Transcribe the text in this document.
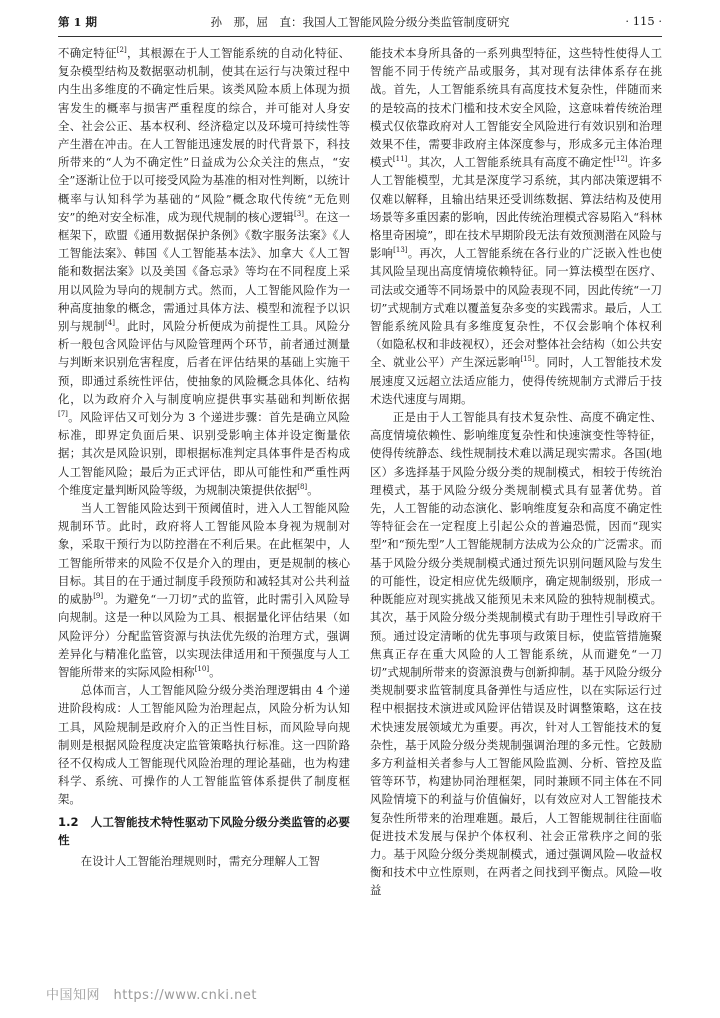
第 1 期	孙　那，屈　直：我国人工智能风险分级分类监管制度研究	· 115 ·

不确定特征[2]，其根源在于人工智能系统的自动化特征、复杂模型结构及数据驱动机制，使其在运行与决策过程中内生出多维度的不确定性后果。该类风险本质上体现为损害发生的概率与损害严重程度的综合，并可能对人身安全、社会公正、基本权利、经济稳定以及环境可持续性等产生潜在冲击。在人工智能迅速发展的时代背景下，科技所带来的“人为不确定性”日益成为公众关注的焦点，“安全”逐渐让位于以可接受风险为基准的相对性判断，以统计概率与认知科学为基础的“风险”概念取代传统“无危则安”的绝对安全标准，成为现代规制的核心逻辑[3]。在这一框架下，欧盟《通用数据保护条例》《数字服务法案》《人工智能法案》、韩国《人工智能基本法》、加拿大《人工智能和数据法案》以及美国《备忘录》等均在不同程度上采用以风险为导向的规制方式。然而，人工智能风险作为一种高度抽象的概念，需通过具体方法、模型和流程予以识别与规制[4]。此时，风险分析便成为前提性工具。风险分析一般包含风险评估与风险管理两个环节，前者通过测量与判断来识别危害程度，后者在评估结果的基础上实施干预，即通过系统性评估，使抽象的风险概念具体化、结构化，以为政府介入与制度响应提供事实基础和判断依据[7]。风险评估又可划分为 3 个递进步骤：首先是确立风险标准，即界定负面后果、识别受影响主体并设定衡量依据；其次是风险识别，即根据标准判定具体事件是否构成人工智能风险；最后为正式评估，即从可能性和严重性两个维度定量判断风险等级，为规制决策提供依据[8]。

当人工智能风险达到干预阈值时，进入人工智能风险规制环节。此时，政府将人工智能风险本身视为规制对象，采取干预行为以防控潜在不利后果。在此框架中，人工智能所带来的风险不仅是介入的理由，更是规制的核心目标。其目的在于通过制度手段预防和减轻其对公共利益的威胁[9]。为避免“一刀切”式的监管，此时需引入风险导向规制。这是一种以风险为工具、根据量化评估结果（如风险评分）分配监管资源与执法优先级的治理方式，强调差异化与精准化监管，以实现法律适用和干预强度与人工智能所带来的实际风险相称[10]。

总体而言，人工智能风险分级分类治理逻辑由 4 个递进阶段构成：人工智能风险为治理起点，风险分析为认知工具，风险规制是政府介入的正当性目标，而风险导向规制则是根据风险程度决定监管策略执行标准。这一四阶路径不仅构成人工智能现代风险治理的理论基础，也为构建科学、系统、可操作的人工智能监管体系提供了制度框架。

1.2　 人工智能技术特性驱动下风险分级分类监管的必要性

在设计人工智能治理规则时，需充分理解人工智

能技术本身所具备的一系列典型特征，这些特性使得人工智能不同于传统产品或服务，其对现有法律体系存在挑战。首先，人工智能系统具有高度技术复杂性，伴随而来的是较高的技术门槛和技术安全风险，这意味着传统治理模式仅依靠政府对人工智能安全风险进行有效识别和治理效果不佳，需要非政府主体深度参与，形成多元主体治理模式[11]。其次，人工智能系统具有高度不确定性[12]。许多人工智能模型，尤其是深度学习系统，其内部决策逻辑不仅难以解释，且输出结果还受训练数据、算法结构及使用场景等多重因素的影响，因此传统治理模式容易陷入“科林格里奇困境”，即在技术早期阶段无法有效预测潜在风险与影响[13]。再次，人工智能系统在各行业的广泛嵌入性也使其风险呈现出高度情境依赖特征。同一算法模型在医疗、司法或交通等不同场景中的风险表现不同，因此传统“一刀切”式规制方式难以覆盖复杂多变的实践需求。最后，人工智能系统风险具有多维度复杂性，不仅会影响个体权利（如隐私权和非歧视权），还会对整体社会结构（如公共安全、就业公平）产生深远影响[15]。同时，人工智能技术发展速度又远超立法适应能力，使得传统规制方式滞后于技术迭代速度与周期。

正是由于人工智能具有技术复杂性、高度不确定性、高度情境依赖性、影响维度复杂性和快速演变性等特征，使得传统静态、线性规制技术难以满足现实需求。各国(地区）多选择基于风险分级分类的规制模式，相较于传统治理模式，基于风险分级分类规制模式具有显著优势。首先，人工智能的动态演化、影响维度复杂和高度不确定性等特征会在一定程度上引起公众的普遍恐慌，因而“现实型”和“预先型”人工智能规制方法成为公众的广泛需求。而基于风险分级分类规制模式通过预先识别问题风险与发生的可能性，设定相应优先级顺序，确定规制级别，形成一种既能应对现实挑战又能预见未来风险的独特规制模式。其次，基于风险分级分类规制模式有助于理性引导政府干预。通过设定清晰的优先事项与政策目标，使监管措施聚焦真正存在重大风险的人工智能系统，从而避免“一刀切”式规制所带来的资源浪费与创新抑制。基于风险分级分类规制要求监管制度具备弹性与适应性，以在实际运行过程中根据技术演进或风险评估错误及时调整策略，这在技术快速发展领域尤为重要。再次，针对人工智能技术的复杂性，基于风险分级分类规制强调治理的多元性。它鼓励多方利益相关者参与人工智能风险监测、分析、管控及监管等环节，构建协同治理框架，同时兼顾不同主体在不同风险情境下的利益与价值偏好，以有效应对人工智能技术复杂性所带来的治理难题。最后，人工智能规制往往面临促进技术发展与保护个体权利、社会正常秩序之间的张力。基于风险分级分类规制模式，通过强调风险—收益权衡和技术中立性原则，在两者之间找到平衡点。风险—收益

中国知网　https://www.cnki.net
